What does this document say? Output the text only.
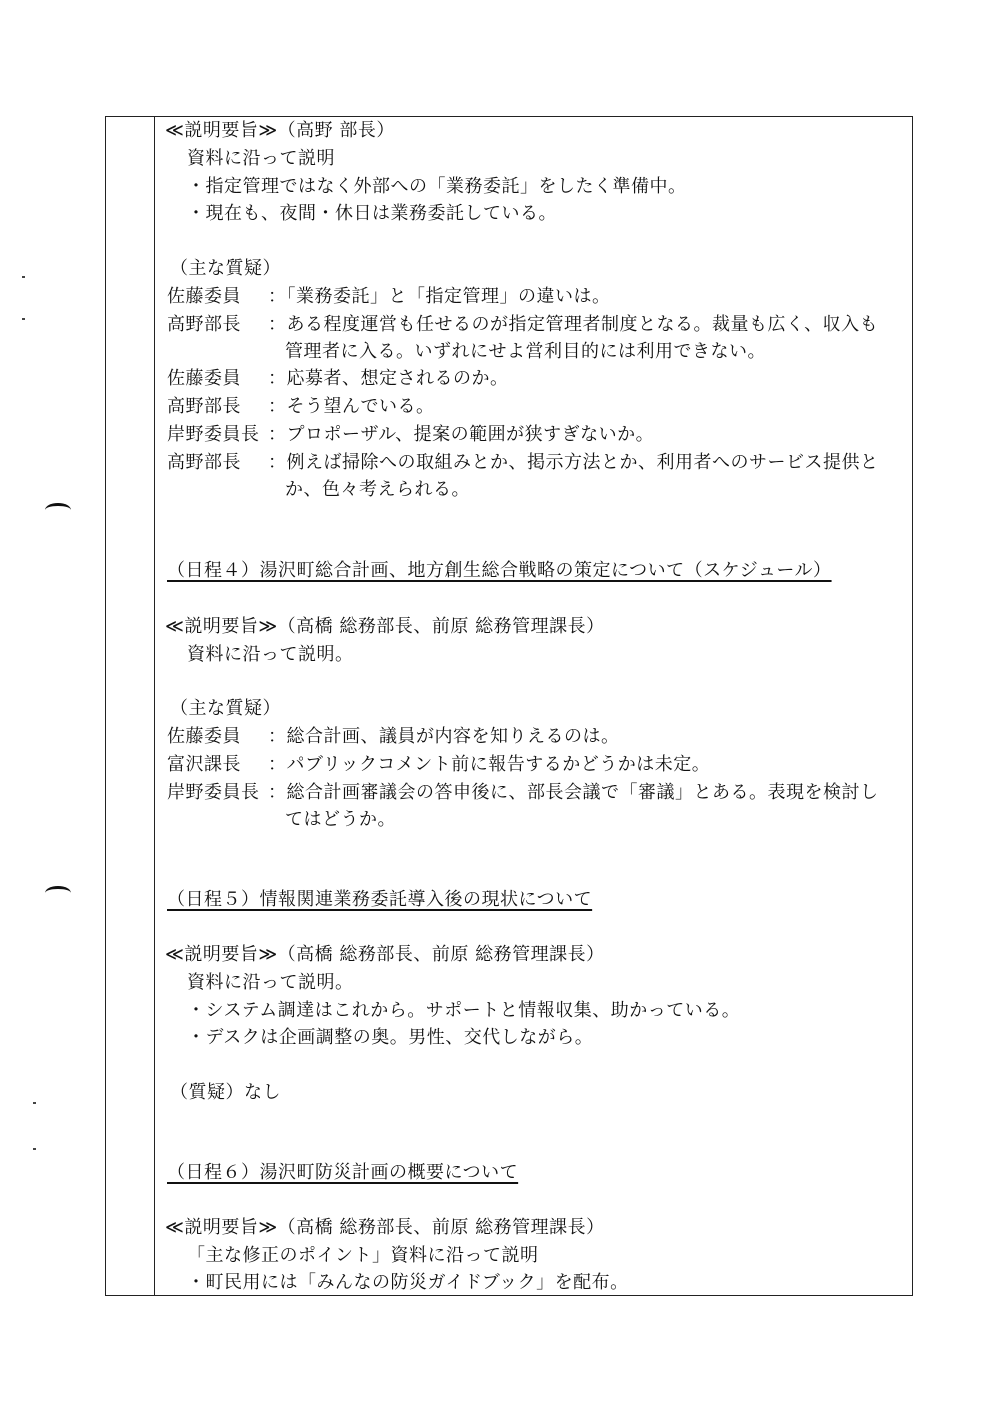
≪説明要旨≫（高野 部長）
資料に沿って説明
・指定管理ではなく外部への「業務委託」をしたく準備中。
・現在も、夜間・休日は業務委託している。
（主な質疑）
佐藤委員 ：「業務委託」と「指定管理」の違いは。
高野部長 ：ある程度運営も任せるのが指定管理者制度となる。裁量も広く、収入も
管理者に入る。いずれにせよ営利目的には利用できない。
佐藤委員 ：応募者、想定されるのか。
高野部長 ：そう望んでいる。
岸野委員長 ：プロポーザル、提案の範囲が狭すぎないか。
高野部長 ：例えば掃除への取組みとか、掲示方法とか、利用者へのサービス提供と
か、色々考えられる。
（日程４）湯沢町総合計画、地方創生総合戦略の策定について（スケジュール）
≪説明要旨≫（高橋 総務部長、前原 総務管理課長）
資料に沿って説明。
（主な質疑）
佐藤委員 ：総合計画、議員が内容を知りえるのは。
富沢課長 ：パブリックコメント前に報告するかどうかは未定。
岸野委員長 ：総合計画審議会の答申後に、部長会議で「審議」とある。表現を検討し
てはどうか。
（日程５）情報関連業務委託導入後の現状について
≪説明要旨≫（高橋 総務部長、前原 総務管理課長）
資料に沿って説明。
・システム調達はこれから。サポートと情報収集、助かっている。
・デスクは企画調整の奥。男性、交代しながら。
（質疑）なし
（日程６）湯沢町防災計画の概要について
≪説明要旨≫（高橋 総務部長、前原 総務管理課長）
「主な修正のポイント」資料に沿って説明
・町民用には「みんなの防災ガイドブック」を配布。
